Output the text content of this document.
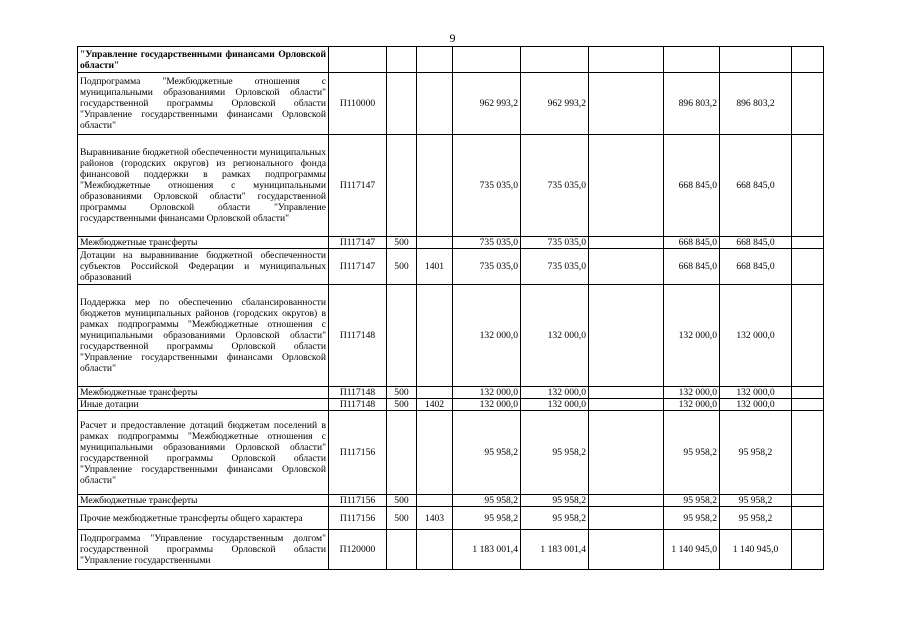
9
"Управление государственными финансами Орловской области"									
Подпрограмма "Межбюджетные отношения с муниципальными образованиями Орловской области" государственной программы Орловской области "Управление государственными финансами Орловской области"	П110000			962 993,2	962 993,2		896 803,2	896 803,2	
Выравнивание бюджетной обеспеченности муниципальных районов (городских округов) из регионального фонда финансовой поддержки в рамках подпрограммы "Межбюджетные отношения с муниципальными образованиями Орловской области" государственной программы Орловской области "Управление государственными финансами Орловской области"	П117147			735 035,0	735 035,0		668 845,0	668 845,0	
Межбюджетные трансферты	П117147	500		735 035,0	735 035,0		668 845,0	668 845,0	
Дотации на выравнивание бюджетной обеспеченности субъектов Российской Федерации и муниципальных образований	П117147	500	1401	735 035,0	735 035,0		668 845,0	668 845,0	
Поддержка мер по обеспечению сбалансированности бюджетов муниципальных районов (городских округов) в рамках подпрограммы "Межбюджетные отношения с муниципальными образованиями Орловской области" государственной программы Орловской области "Управление государственными финансами Орловской области"	П117148			132 000,0	132 000,0		132 000,0	132 000,0	
Межбюджетные трансферты	П117148	500		132 000,0	132 000,0		132 000,0	132 000,0	
Иные дотации	П117148	500	1402	132 000,0	132 000,0		132 000,0	132 000,0	
Расчет и предоставление дотаций бюджетам поселений в рамках подпрограммы "Межбюджетные отношения с муниципальными образованиями Орловской области" государственной программы Орловской области "Управление государственными финансами Орловской области"	П117156			95 958,2	95 958,2		95 958,2	95 958,2	
Межбюджетные трансферты	П117156	500		95 958,2	95 958,2		95 958,2	95 958,2	
Прочие межбюджетные трансферты общего характера	П117156	500	1403	95 958,2	95 958,2		95 958,2	95 958,2	
Подпрограмма "Управление государственным долгом" государственной программы Орловской области "Управление государственными	П120000			1 183 001,4	1 183 001,4		1 140 945,0	1 140 945,0	
